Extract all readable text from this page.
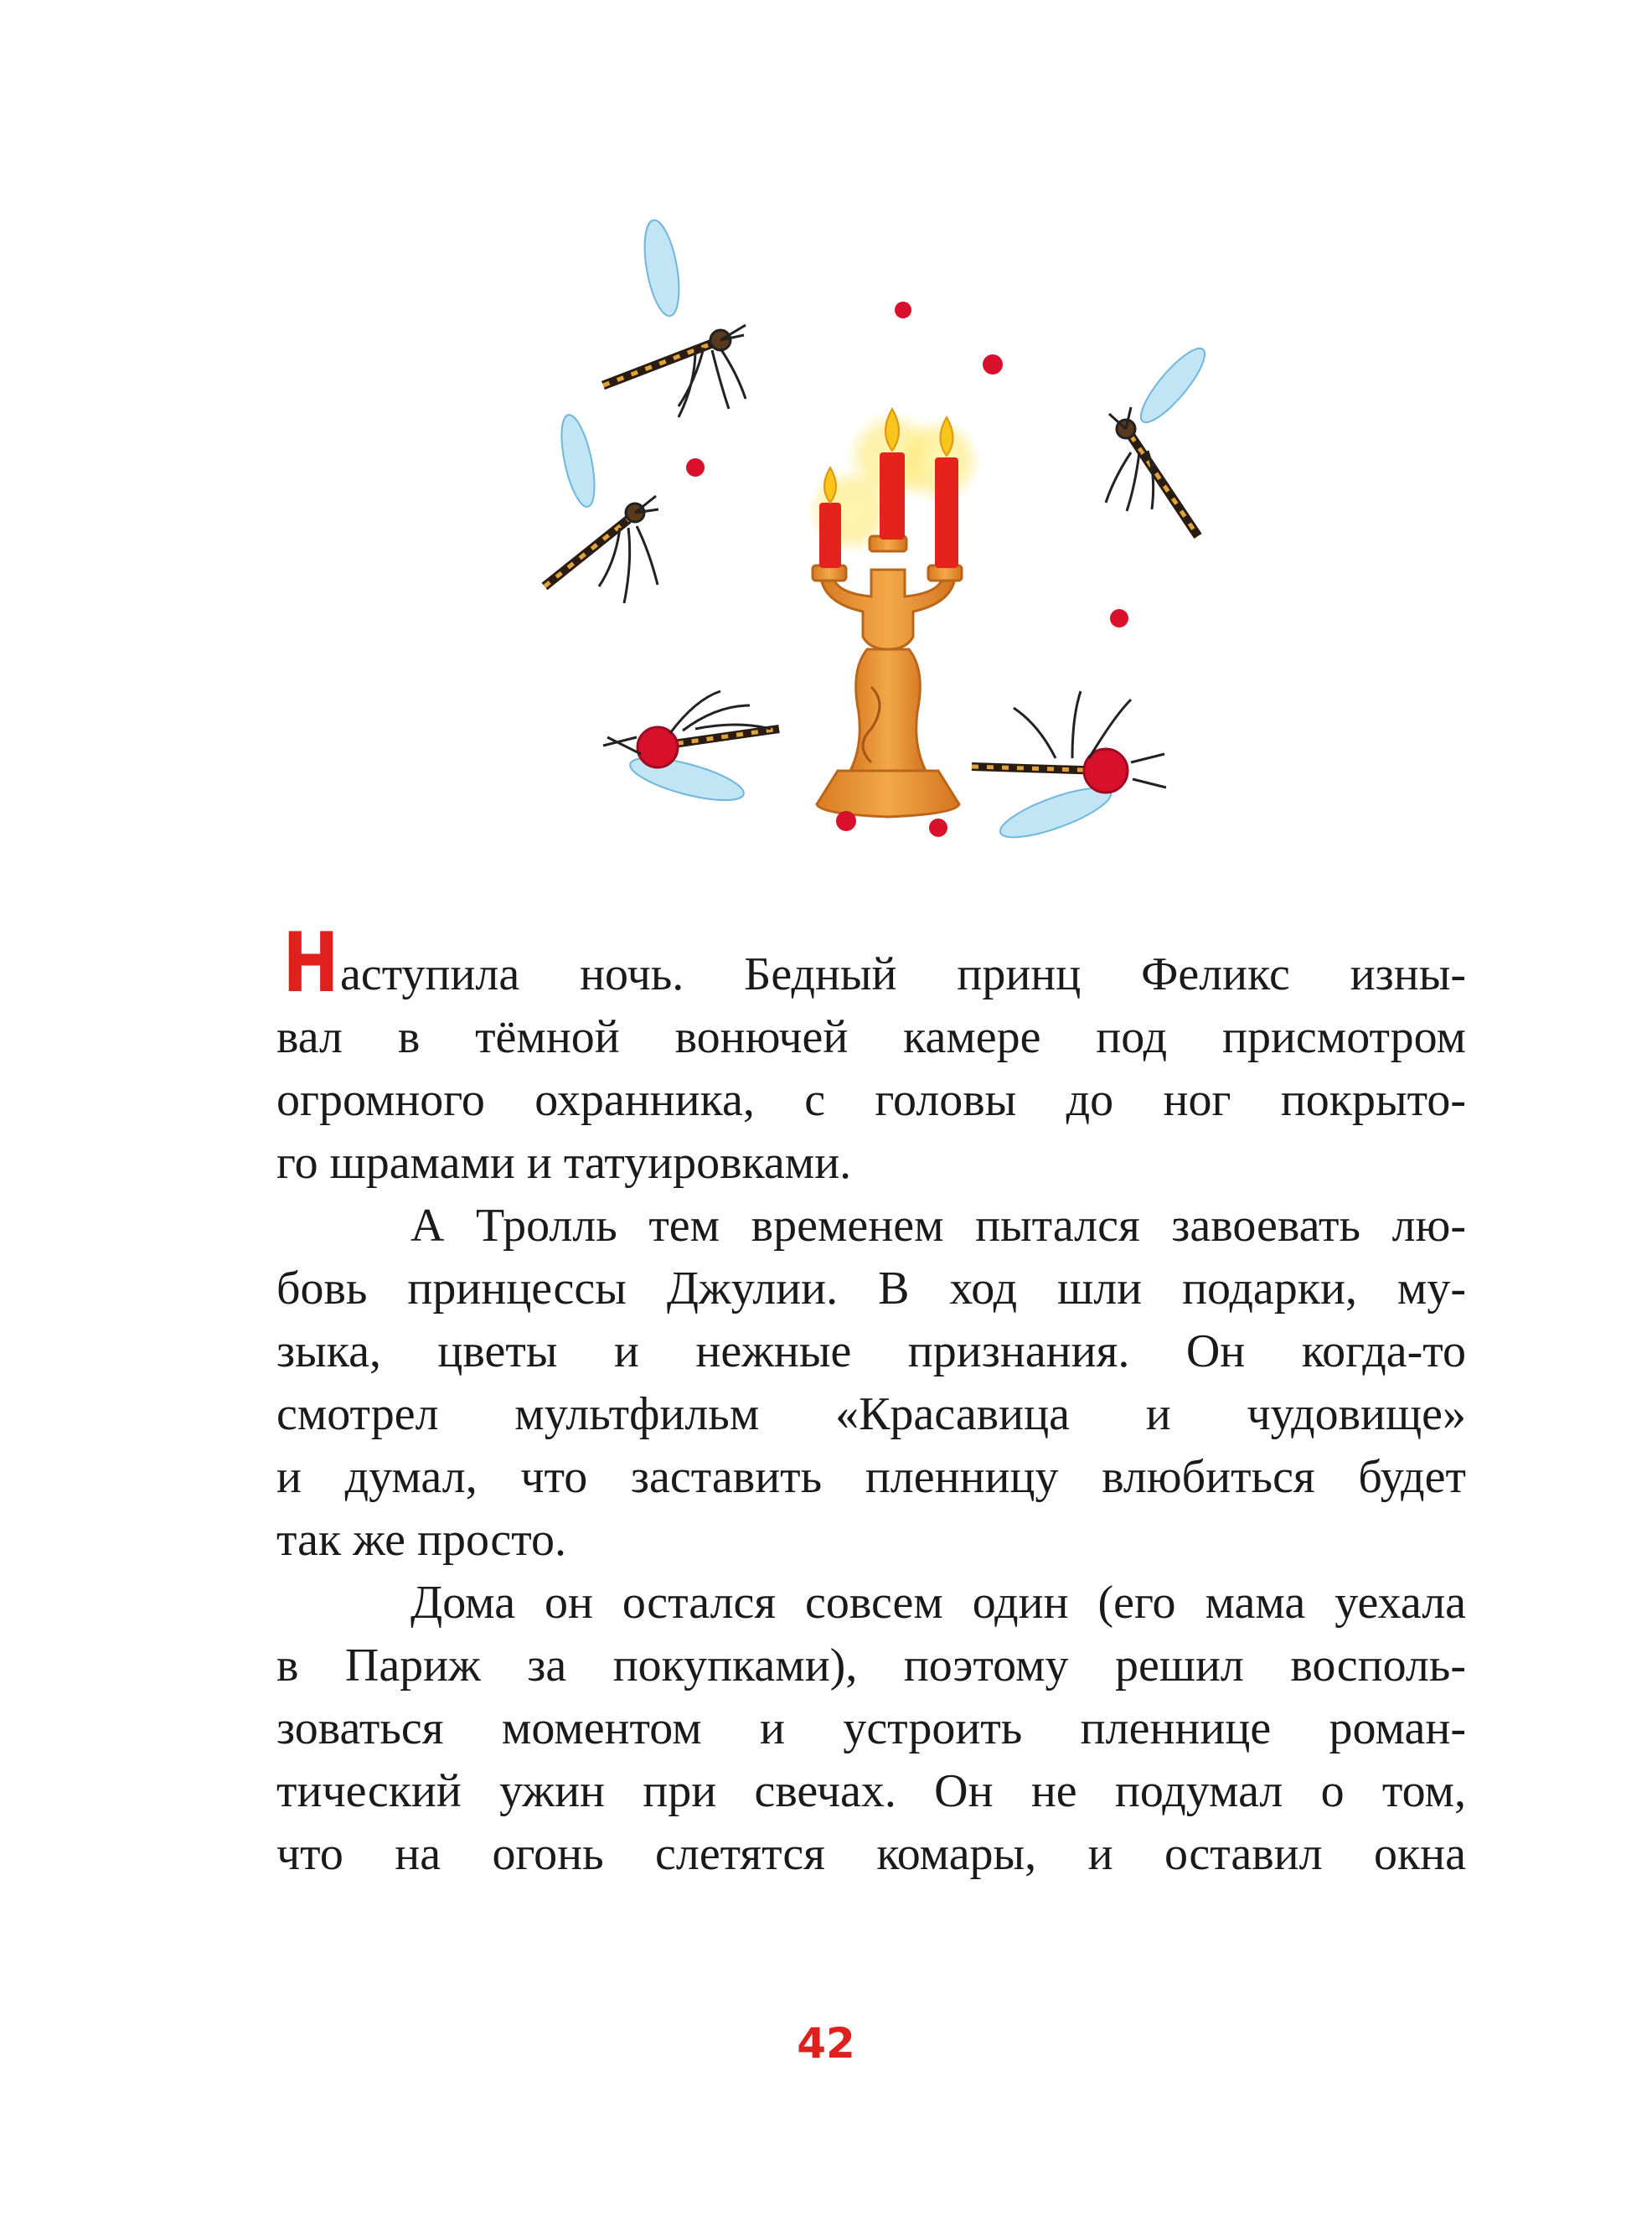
Наступила ночь. Бедный принц Феликс изны-
вал в тёмной вонючей камере под присмотром
огромного охранника, с головы до ног покрыто-
го шрамами и татуировками.
А Тролль тем временем пытался завоевать лю-
бовь принцессы Джулии. В ход шли подарки, му-
зыка, цветы и нежные признания. Он когда-то
смотрел мультфильм «Красавица и чудовище»
и думал, что заставить пленницу влюбиться будет
так же просто.
Дома он остался совсем один (его мама уехала
в Париж за покупками), поэтому решил восполь-
зоваться моментом и устроить пленнице роман-
тический ужин при свечах. Он не подумал о том,
что на огонь слетятся комары, и оставил окна
42
